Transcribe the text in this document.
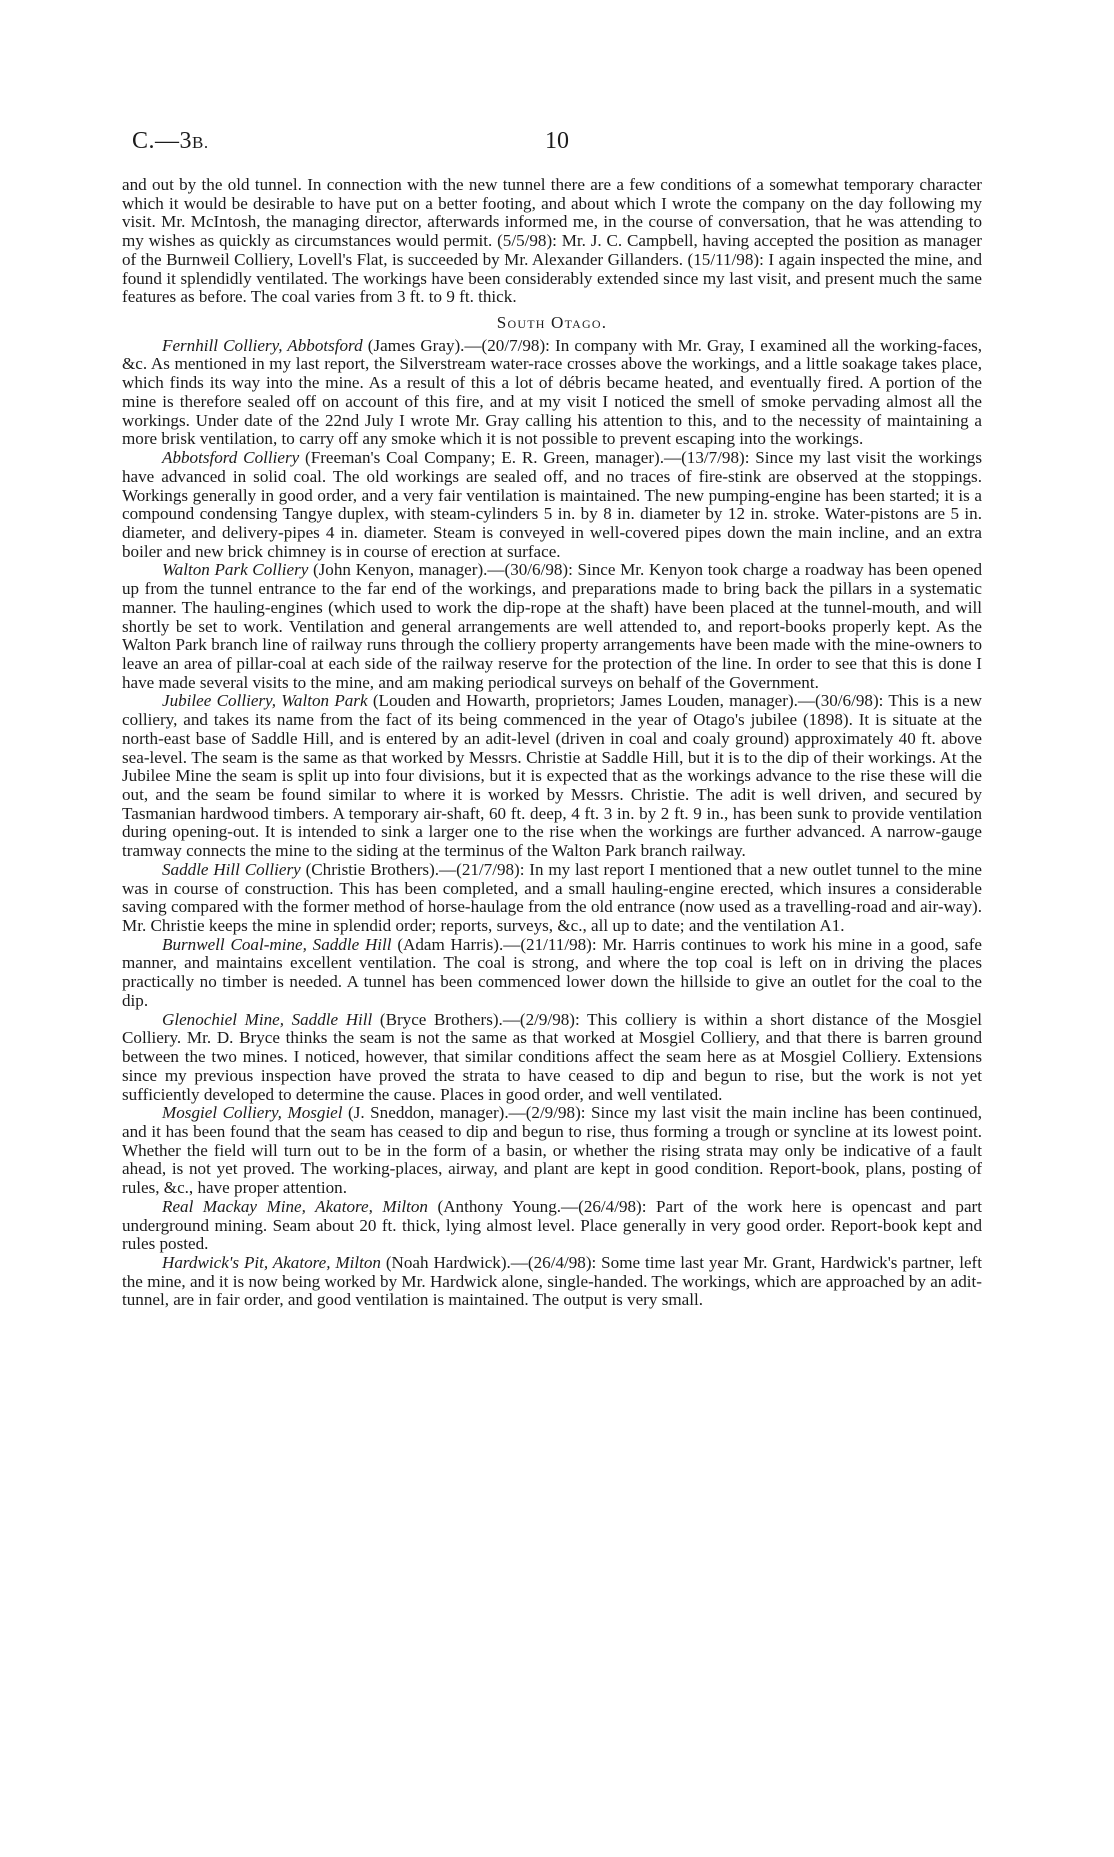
C.—3B.	10

and out by the old tunnel. In connection with the new tunnel there are a few conditions of a somewhat temporary character which it would be desirable to have put on a better footing, and about which I wrote the company on the day following my visit. Mr. McIntosh, the managing director, afterwards informed me, in the course of conversation, that he was attending to my wishes as quickly as circumstances would permit. (5/5/98): Mr. J. C. Campbell, having accepted the position as manager of the Burnweil Colliery, Lovell's Flat, is succeeded by Mr. Alexander Gillanders. (15/11/98): I again inspected the mine, and found it splendidly ventilated. The workings have been considerably extended since my last visit, and present much the same features as before. The coal varies from 3 ft. to 9 ft. thick.

South Otago.

Fernhill Colliery, Abbotsford (James Gray).—(20/7/98): In company with Mr. Gray, I examined all the working-faces, &c. As mentioned in my last report, the Silverstream water-race crosses above the workings, and a little soakage takes place, which finds its way into the mine. As a result of this a lot of débris became heated, and eventually fired. A portion of the mine is therefore sealed off on account of this fire, and at my visit I noticed the smell of smoke pervading almost all the workings. Under date of the 22nd July I wrote Mr. Gray calling his attention to this, and to the necessity of maintaining a more brisk ventilation, to carry off any smoke which it is not possible to prevent escaping into the workings.

Abbotsford Colliery (Freeman's Coal Company; E. R. Green, manager).—(13/7/98): Since my last visit the workings have advanced in solid coal. The old workings are sealed off, and no traces of fire-stink are observed at the stoppings. Workings generally in good order, and a very fair ventilation is maintained. The new pumping-engine has been started; it is a compound condensing Tangye duplex, with steam-cylinders 5 in. by 8 in. diameter by 12 in. stroke. Water-pistons are 5 in. diameter, and delivery-pipes 4 in. diameter. Steam is conveyed in well-covered pipes down the main incline, and an extra boiler and new brick chimney is in course of erection at surface.

Walton Park Colliery (John Kenyon, manager).—(30/6/98): Since Mr. Kenyon took charge a roadway has been opened up from the tunnel entrance to the far end of the workings, and preparations made to bring back the pillars in a systematic manner. The hauling-engines (which used to work the dip-rope at the shaft) have been placed at the tunnel-mouth, and will shortly be set to work. Ventilation and general arrangements are well attended to, and report-books properly kept. As the Walton Park branch line of railway runs through the colliery property arrangements have been made with the mine-owners to leave an area of pillar-coal at each side of the railway reserve for the protection of the line. In order to see that this is done I have made several visits to the mine, and am making periodical surveys on behalf of the Government.

Jubilee Colliery, Walton Park (Louden and Howarth, proprietors; James Louden, manager).—(30/6/98): This is a new colliery, and takes its name from the fact of its being commenced in the year of Otago's jubilee (1898). It is situate at the north-east base of Saddle Hill, and is entered by an adit-level (driven in coal and coaly ground) approximately 40 ft. above sea-level. The seam is the same as that worked by Messrs. Christie at Saddle Hill, but it is to the dip of their workings. At the Jubilee Mine the seam is split up into four divisions, but it is expected that as the workings advance to the rise these will die out, and the seam be found similar to where it is worked by Messrs. Christie. The adit is well driven, and secured by Tasmanian hardwood timbers. A temporary air-shaft, 60 ft. deep, 4 ft. 3 in. by 2 ft. 9 in., has been sunk to provide ventilation during opening-out. It is intended to sink a larger one to the rise when the workings are further advanced. A narrow-gauge tramway connects the mine to the siding at the terminus of the Walton Park branch railway.

Saddle Hill Colliery (Christie Brothers).—(21/7/98): In my last report I mentioned that a new outlet tunnel to the mine was in course of construction. This has been completed, and a small hauling-engine erected, which insures a considerable saving compared with the former method of horse-haulage from the old entrance (now used as a travelling-road and air-way). Mr. Christie keeps the mine in splendid order; reports, surveys, &c., all up to date; and the ventilation A1.

Burnwell Coal-mine, Saddle Hill (Adam Harris).—(21/11/98): Mr. Harris continues to work his mine in a good, safe manner, and maintains excellent ventilation. The coal is strong, and where the top coal is left on in driving the places practically no timber is needed. A tunnel has been commenced lower down the hillside to give an outlet for the coal to the dip.

Glenochiel Mine, Saddle Hill (Bryce Brothers).—(2/9/98): This colliery is within a short distance of the Mosgiel Colliery. Mr. D. Bryce thinks the seam is not the same as that worked at Mosgiel Colliery, and that there is barren ground between the two mines. I noticed, however, that similar conditions affect the seam here as at Mosgiel Colliery. Extensions since my previous inspection have proved the strata to have ceased to dip and begun to rise, but the work is not yet sufficiently developed to determine the cause. Places in good order, and well ventilated.

Mosgiel Colliery, Mosgiel (J. Sneddon, manager).—(2/9/98): Since my last visit the main incline has been continued, and it has been found that the seam has ceased to dip and begun to rise, thus forming a trough or syncline at its lowest point. Whether the field will turn out to be in the form of a basin, or whether the rising strata may only be indicative of a fault ahead, is not yet proved. The working-places, airway, and plant are kept in good condition. Report-book, plans, posting of rules, &c., have proper attention.

Real Mackay Mine, Akatore, Milton (Anthony Young.—(26/4/98): Part of the work here is opencast and part underground mining. Seam about 20 ft. thick, lying almost level. Place generally in very good order. Report-book kept and rules posted.

Hardwick's Pit, Akatore, Milton (Noah Hardwick).—(26/4/98): Some time last year Mr. Grant, Hardwick's partner, left the mine, and it is now being worked by Mr. Hardwick alone, single-handed. The workings, which are approached by an adit-tunnel, are in fair order, and good ventilation is maintained. The output is very small.
